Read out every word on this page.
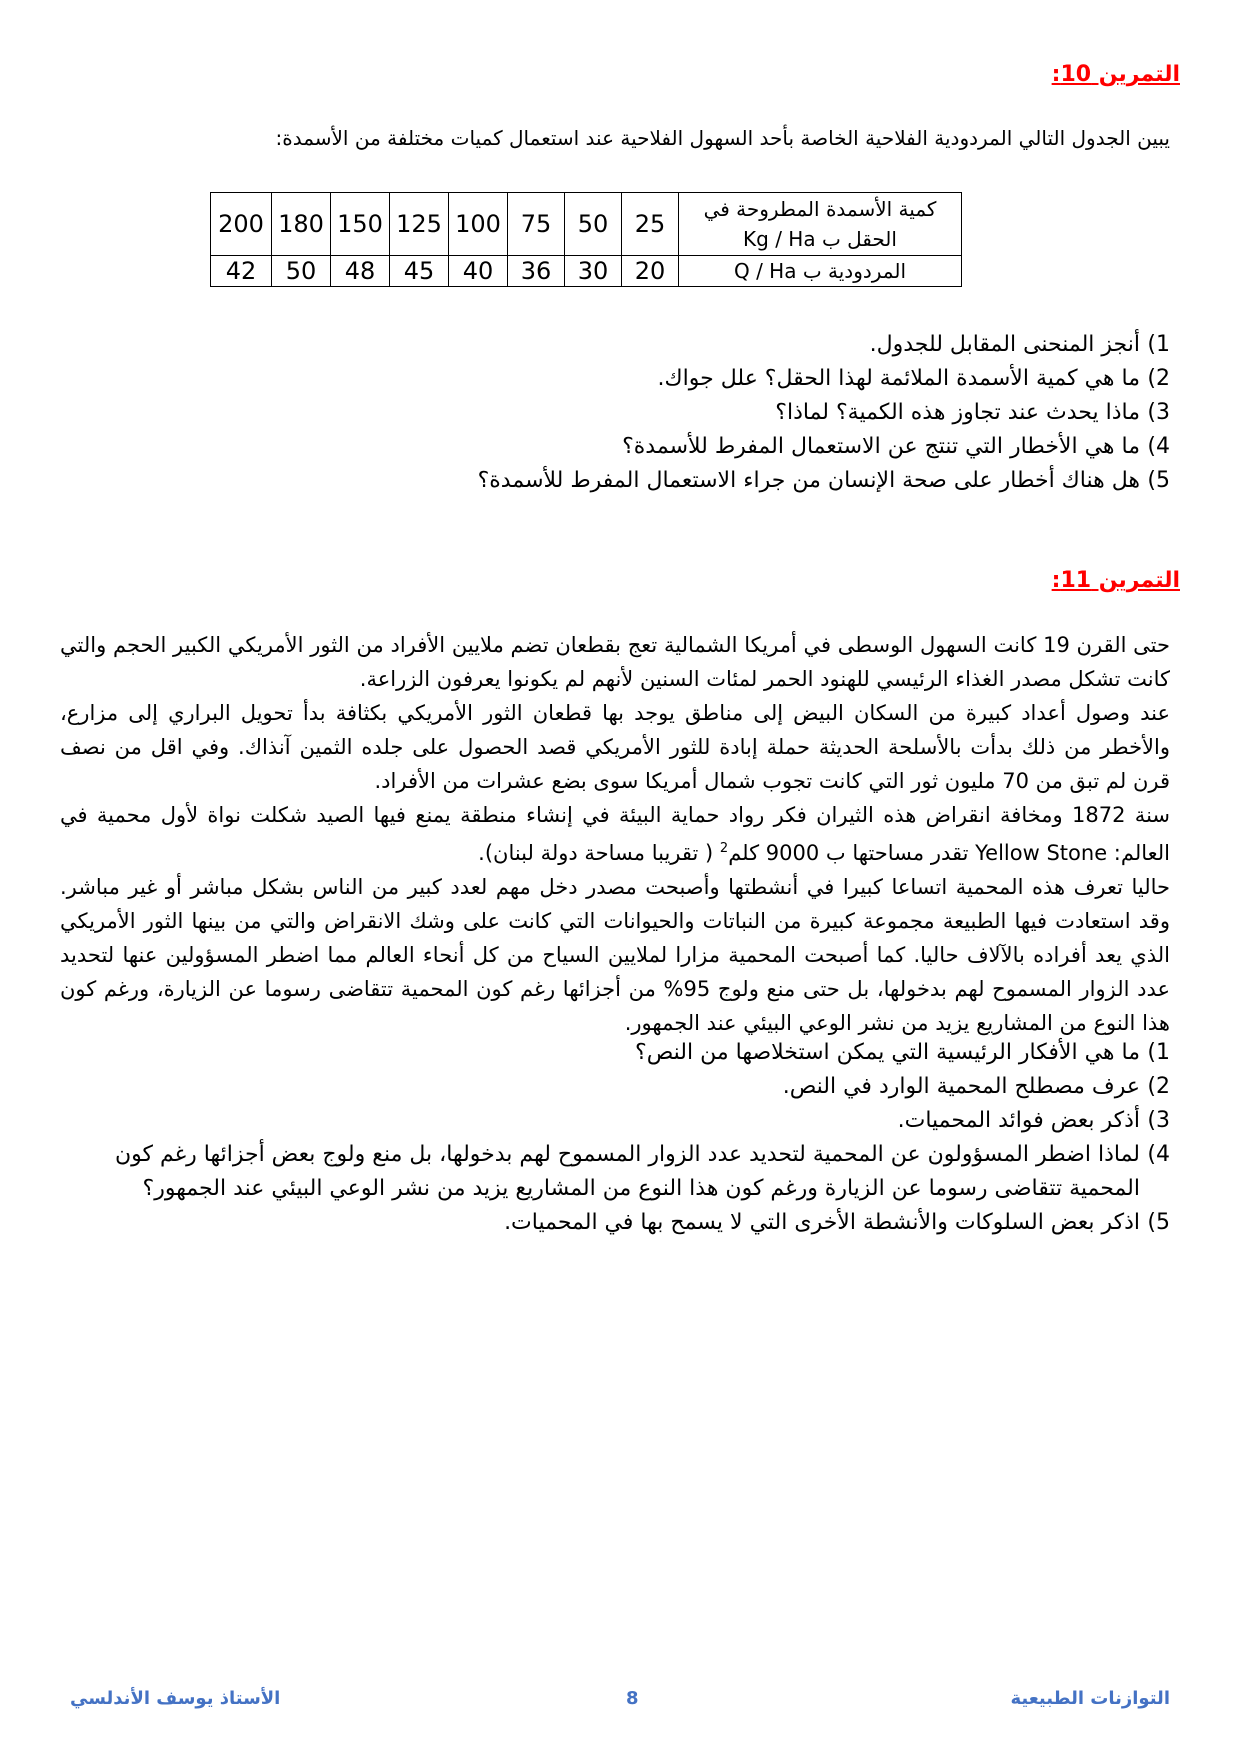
التمرين 10:
يبين الجدول التالي المردودية الفلاحية الخاصة بأحد السهول الفلاحية عند استعمال كميات مختلفة من الأسمدة:
200	180	150	125	100	75	50	25	كمية الأسمدة المطروحة في
الحقل ب Kg / Ha

42	50	48	45	40	36	30	20	المردودية ب Q / Ha
1)
أنجز المنحنى المقابل للجدول.
2)
ما هي كمية الأسمدة الملائمة لهذا الحقل؟ علل جواك.
3)
ماذا يحدث عند تجاوز هذه الكمية؟ لماذا؟
4)
ما هي الأخطار التي تنتج عن الاستعمال المفرط للأسمدة؟
5)
هل هناك أخطار على صحة الإنسان من جراء الاستعمال المفرط للأسمدة؟
التمرين 11:
حتى القرن 19 كانت السهول الوسطى في أمريكا الشمالية تعج بقطعان تضم ملايين الأفراد من الثور الأمريكي الكبير الحجم والتي كانت تشكل مصدر الغذاء الرئيسي للهنود الحمر لمئات السنين لأنهم لم يكونوا يعرفون الزراعة.
عند وصول أعداد كبيرة من السكان البيض إلى مناطق يوجد بها قطعان الثور الأمريكي بكثافة بدأ تحويل البراري إلى مزارع، والأخطر من ذلك بدأت بالأسلحة الحديثة حملة إبادة للثور الأمريكي قصد الحصول على جلده الثمين آنذاك. وفي اقل من نصف قرن لم تبق من 70 مليون ثور التي كانت تجوب شمال أمريكا سوى بضع عشرات من الأفراد.
سنة 1872 ومخافة انقراض هذه الثيران فكر رواد حماية البيئة في إنشاء منطقة يمنع فيها الصيد شكلت نواة لأول محمية في العالم: Yellow Stone تقدر مساحتها ب 9000 كلم$^2$ ( تقريبا مساحة دولة لبنان).
حاليا تعرف هذه المحمية اتساعا كبيرا في أنشطتها وأصبحت مصدر دخل مهم لعدد كبير من الناس بشكل مباشر أو غير مباشر. وقد استعادت فيها الطبيعة مجموعة كبيرة من النباتات والحيوانات التي كانت على وشك الانقراض والتي من بينها الثور الأمريكي الذي يعد أفراده بالآلاف حاليا. كما أصبحت المحمية مزارا لملايين السياح من كل أنحاء العالم مما اضطر المسؤولين عنها لتحديد عدد الزوار المسموح لهم بدخولها، بل حتى منع ولوج 95% من أجزائها رغم كون المحمية تتقاضى رسوما عن الزيارة، ورغم كون هذا النوع من المشاريع يزيد من نشر الوعي البيئي عند الجمهور.
1)
ما هي الأفكار الرئيسية التي يمكن استخلاصها من النص؟
2)
عرف مصطلح المحمية الوارد في النص.
3)
أذكر بعض فوائد المحميات.
4)
لماذا اضطر المسؤولون عن المحمية لتحديد عدد الزوار المسموح لهم بدخولها، بل منع ولوج بعض أجزائها رغم كون المحمية تتقاضى رسوما عن الزيارة ورغم كون هذا النوع من المشاريع يزيد من نشر الوعي البيئي عند الجمهور؟
5)
اذكر بعض السلوكات والأنشطة الأخرى التي لا يسمح بها في المحميات.
الأستاذ يوسف الأندلسي	8	التوازنات الطبيعية
